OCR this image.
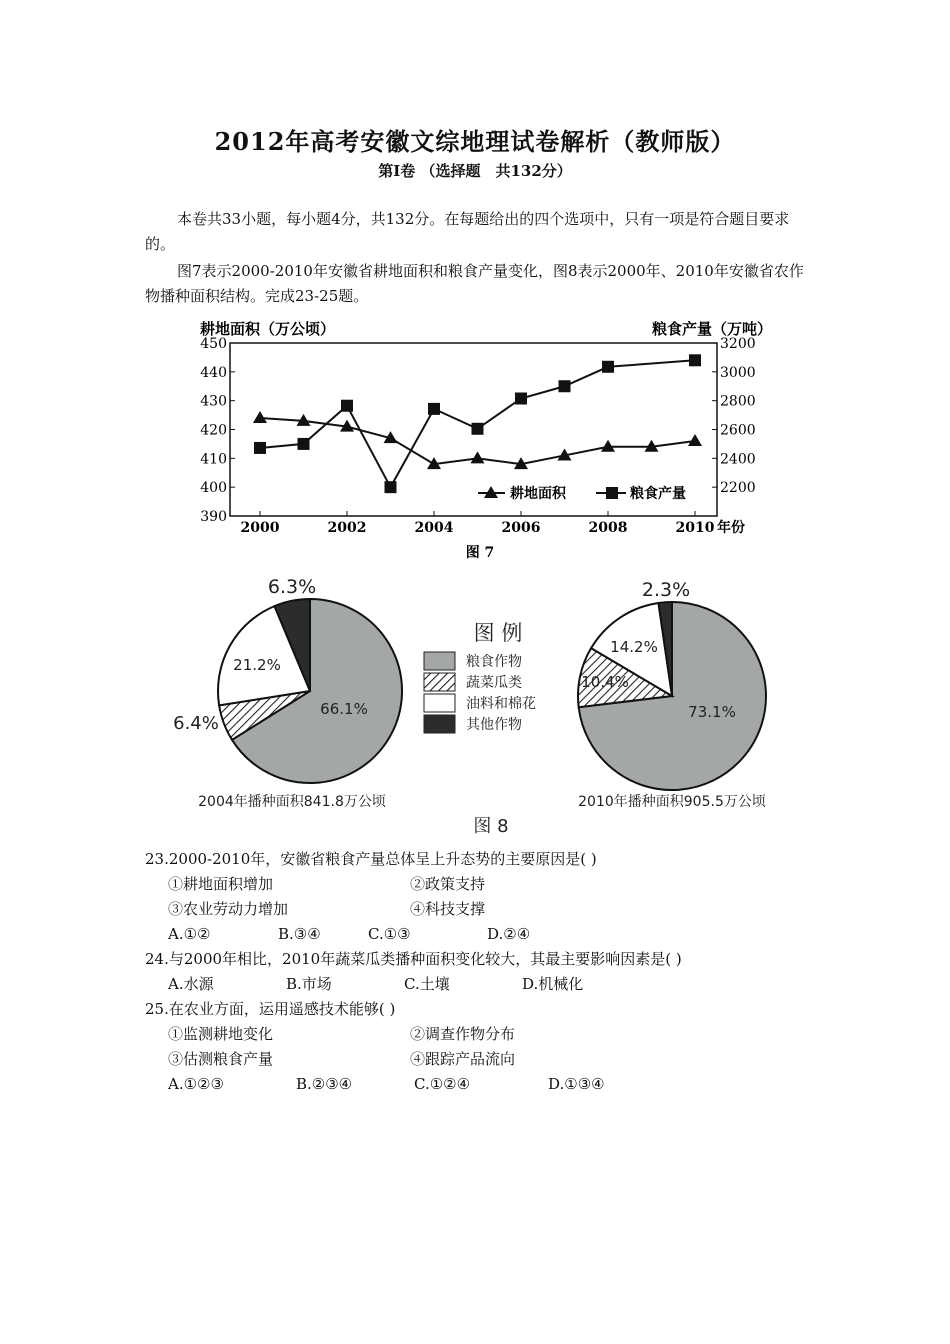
2012年高考安徽文综地理试卷解析（教师版）
第Ⅰ卷 （选择题　共132分）
本卷共33小题，每小题4分，共132分。在每题给出的四个选项中，只有一项是符合题目要求的。
图7表示2000-2010年安徽省耕地面积和粮食产量变化，图8表示2000年、2010年安徽省农作物播种面积结构。完成23-25题。
耕地面积（万公顷）	粮食产量（万吨）
390
400
410
420
430
440
450
2200
2400
2600
2800
3000
3200
2000	2002	2004	2006	2008	2010
耕地面积	粮食产量
年份
图 7
6.3%
21.2%
66.1%
6.4%
2004年播种面积841.8万公顷
2.3%
14.2%
10.4%
73.1%
2010年播种面积905.5万公顷
图 例
粮食作物
蔬菜瓜类
油料和棉花
其他作物
图 8
23.2000-2010年，安徽省粮食产量总体呈上升态势的主要原因是( )
①耕地面积增加	②政策支持
③农业劳动力增加	④科技支撑
A.①②	B.③④	C.①③	D.②④
24.与2000年相比，2010年蔬菜瓜类播种面积变化较大，其最主要影响因素是( )
A.水源	B.市场	C.土壤	D.机械化
25.在农业方面，运用遥感技术能够( )
①监测耕地变化	②调查作物分布
③估测粮食产量	④跟踪产品流向
A.①②③	B.②③④	C.①②④	D.①③④
